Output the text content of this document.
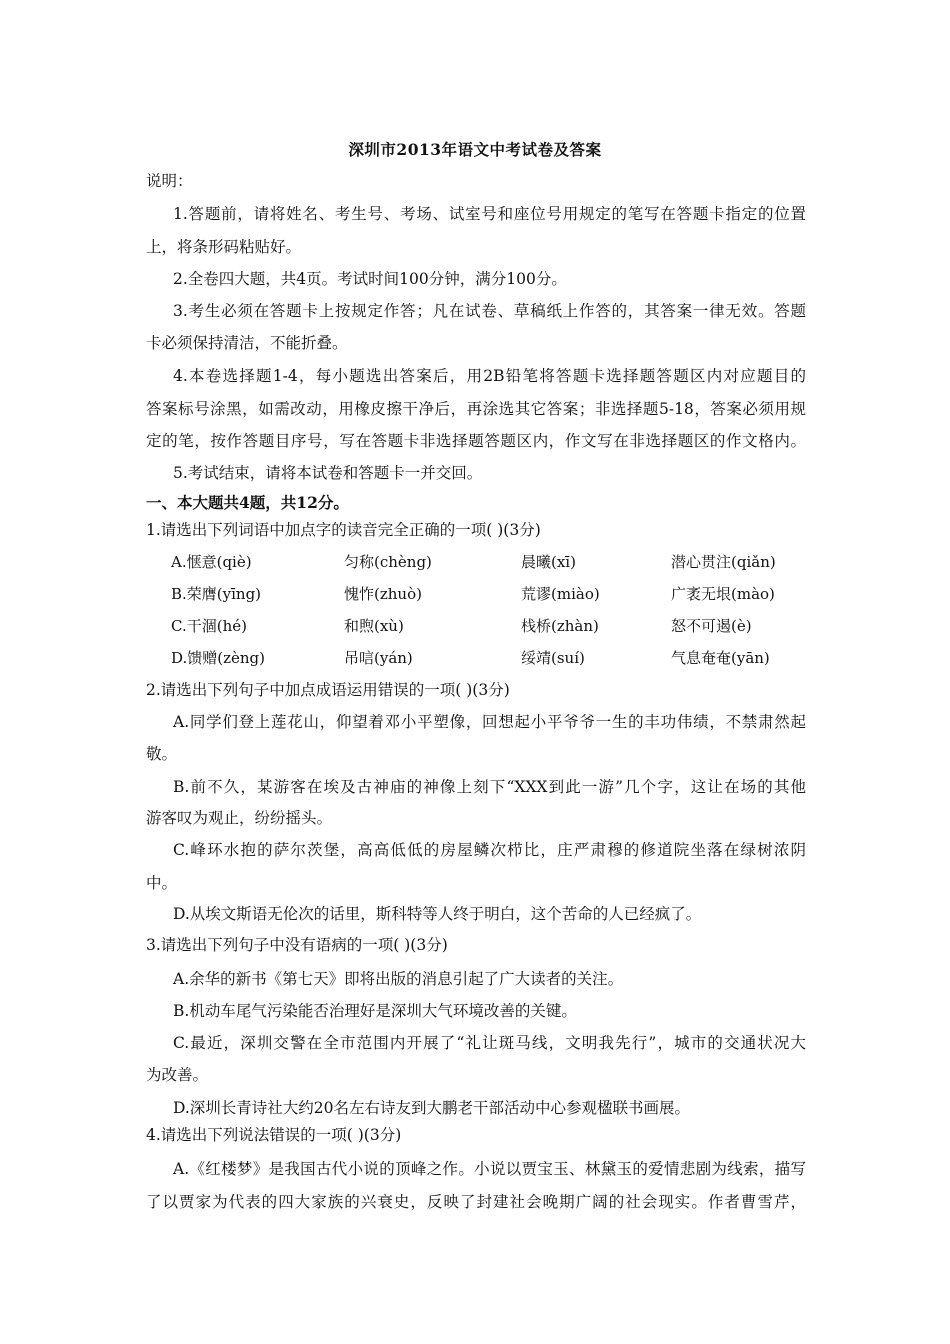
深圳市2013年语文中考试卷及答案
说明：
1.答题前，请将姓名、考生号、考场、试室号和座位号用规定的笔写在答题卡指定的位置
上，将条形码粘贴好。
2.全卷四大题，共4页。考试时间100分钟，满分100分。
3.考生必须在答题卡上按规定作答；凡在试卷、草稿纸上作答的，其答案一律无效。答题
卡必须保持清洁，不能折叠。
4.本卷选择题1-4，每小题选出答案后，用2B铅笔将答题卡选择题答题区内对应题目的
答案标号涂黑，如需改动，用橡皮擦干净后，再涂选其它答案；非选择题5-18，答案必须用规
定的笔，按作答题目序号，写在答题卡非选择题答题区内，作文写在非选择题区的作文格内。
5.考试结束，请将本试卷和答题卡一并交回。
一、本大题共4题，共12分。
1.请选出下列词语中加点字的读音完全正确的一项( )(3分)
A.惬意(qiè)	匀称(chèng)	晨曦(xī)	潜心贯注(qiǎn)
B.荣膺(yīng)	愧怍(zhuò)	荒谬(miào)	广袤无垠(mào)
C.干涸(hé)	和煦(xù)	栈桥(zhàn)	怒不可遏(è)
D.馈赠(zèng)	吊唁(yán)	绥靖(suí)	气息奄奄(yān)
2.请选出下列句子中加点成语运用错误的一项( )(3分)
A.同学们登上莲花山，仰望着邓小平塑像，回想起小平爷爷一生的丰功伟绩，不禁肃然起
敬。
B.前不久，某游客在埃及古神庙的神像上刻下“XXX到此一游”几个字，这让在场的其他
游客叹为观止，纷纷摇头。
C.峰环水抱的萨尔茨堡，高高低低的房屋鳞次栉比，庄严肃穆的修道院坐落在绿树浓阴
中。
D.从埃文斯语无伦次的话里，斯科特等人终于明白，这个苦命的人已经疯了。
3.请选出下列句子中没有语病的一项( )(3分)
A.余华的新书《第七天》即将出版的消息引起了广大读者的关注。
B.机动车尾气污染能否治理好是深圳大气环境改善的关键。
C.最近，深圳交警在全市范围内开展了“礼让斑马线，文明我先行”，城市的交通状况大
为改善。
D.深圳长青诗社大约20名左右诗友到大鹏老干部活动中心参观楹联书画展。
4.请选出下列说法错误的一项( )(3分)
A.《红楼梦》是我国古代小说的顶峰之作。小说以贾宝玉、林黛玉的爱情悲剧为线索，描写
了以贾家为代表的四大家族的兴衰史，反映了封建社会晚期广阔的社会现实。作者曹雪芹，
